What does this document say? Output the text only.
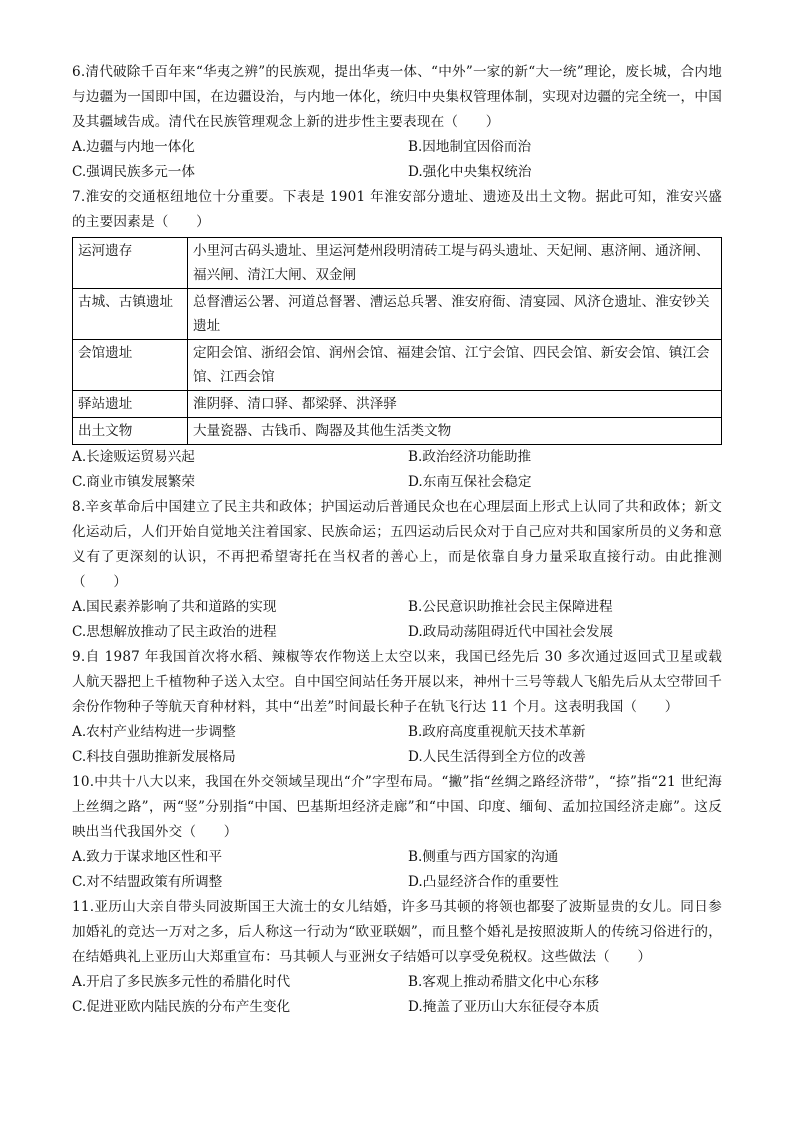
6.清代破除千百年来“华夷之辨”的民族观，提出华夷一体、“中外”一家的新“大一统”理论，废长城，合内地与边疆为一国即中国，在边疆设治，与内地一体化，统归中央集权管理体制，实现对边疆的完全统一，中国及其疆域告成。清代在民族管理观念上新的进步性主要表现在（　　）

A.边疆与内地一体化	B.因地制宜因俗而治
C.强调民族多元一体	D.强化中央集权统治

7.淮安的交通枢纽地位十分重要。下表是 1901 年淮安部分遗址、遗迹及出土文物。据此可知，淮安兴盛的主要因素是（　　）

运河遗存	小里河古码头遗址、里运河楚州段明清砖工堤与码头遗址、天妃闸、惠济闸、通济闸、福兴闸、清江大闸、双金闸
古城、古镇遗址	总督漕运公署、河道总督署、漕运总兵署、淮安府衙、清宴园、风济仓遗址、淮安钞关遗址
会馆遗址	定阳会馆、浙绍会馆、润州会馆、福建会馆、江宁会馆、四民会馆、新安会馆、镇江会馆、江西会馆
驿站遗址	淮阴驿、清口驿、都梁驿、洪泽驿
出土文物	大量瓷器、古钱币、陶器及其他生活类文物
A.长途贩运贸易兴起	B.政治经济功能助推
C.商业市镇发展繁荣	D.东南互保社会稳定

8.辛亥革命后中国建立了民主共和政体；护国运动后普通民众也在心理层面上形式上认同了共和政体；新文化运动后，人们开始自觉地关注着国家、民族命运；五四运动后民众对于自己应对共和国家所员的义务和意义有了更深刻的认识，不再把希望寄托在当权者的善心上，而是依靠自身力量采取直接行动。由此推测（　　）

A.国民素养影响了共和道路的实现	B.公民意识助推社会民主保障进程
C.思想解放推动了民主政治的进程	D.政局动荡阻碍近代中国社会发展

9.自 1987 年我国首次将水稻、辣椒等农作物送上太空以来，我国已经先后 30 多次通过返回式卫星或载人航天器把上千植物种子送入太空。自中国空间站任务开展以来，神州十三号等载人飞船先后从太空带回千余份作物种子等航天育种材料，其中“出差”时间最长种子在轨飞行达 11 个月。这表明我国（　　）

A.农村产业结构进一步调整	B.政府高度重视航天技术革新
C.科技自强助推新发展格局	D.人民生活得到全方位的改善

10.中共十八大以来，我国在外交领域呈现出“介”字型布局。“撇”指“丝绸之路经济带”，“捺”指“21 世纪海上丝绸之路”，两“竖”分别指“中国、巴基斯坦经济走廊”和“中国、印度、缅甸、孟加拉国经济走廊”。这反映出当代我国外交（　　）

A.致力于谋求地区性和平	B.侧重与西方国家的沟通
C.对不结盟政策有所调整	D.凸显经济合作的重要性

11.亚历山大亲自带头同波斯国王大流士的女儿结婚，许多马其顿的将领也都娶了波斯显贵的女儿。同日参加婚礼的竞达一万对之多，后人称这一行动为“欧亚联姻”，而且整个婚礼是按照波斯人的传统习俗进行的，在结婚典礼上亚历山大郑重宣布：马其顿人与亚洲女子结婚可以享受免税权。这些做法（　　）

A.开启了多民族多元性的希腊化时代	B.客观上推动希腊文化中心东移
C.促进亚欧内陆民族的分布产生变化	D.掩盖了亚历山大东征侵夺本质
